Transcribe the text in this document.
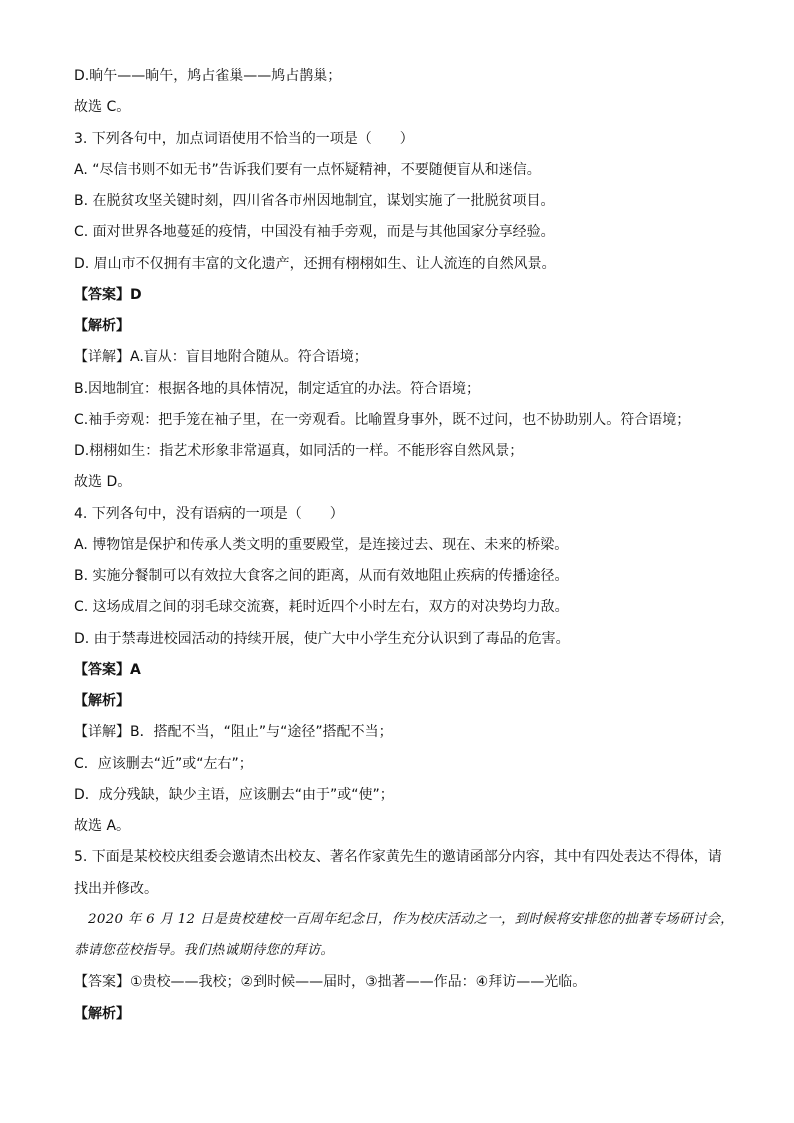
D.晌午——晌午，鸠占雀巢——鸠占鹊巢；
故选 C。
3. 下列各句中，加点词语使用不恰当的一项是（　　）
A. “尽信书则不如无书”告诉我们要有一点怀疑精神，不要随便盲从和迷信。
B. 在脱贫攻坚关键时刻，四川省各市州因地制宜，谋划实施了一批脱贫项目。
C. 面对世界各地蔓延的疫情，中国没有袖手旁观，而是与其他国家分享经验。
D. 眉山市不仅拥有丰富的文化遗产，还拥有栩栩如生、让人流连的自然风景。
【答案】D
【解析】
【详解】A.盲从：盲目地附合随从。符合语境；
B.因地制宜：根据各地的具体情况，制定适宜的办法。符合语境；
C.袖手旁观：把手笼在袖子里，在一旁观看。比喻置身事外，既不过问，也不协助别人。符合语境；
D.栩栩如生：指艺术形象非常逼真，如同活的一样。不能形容自然风景；
故选 D。
4. 下列各句中，没有语病的一项是（　　）
A. 博物馆是保护和传承人类文明的重要殿堂，是连接过去、现在、未来的桥梁。
B. 实施分餐制可以有效拉大食客之间的距离，从而有效地阻止疾病的传播途径。
C. 这场成眉之间的羽毛球交流赛，耗时近四个小时左右，双方的对决势均力敌。
D. 由于禁毒进校园活动的持续开展，使广大中小学生充分认识到了毒品的危害。
【答案】A
【解析】
【详解】B．搭配不当，“阻止”与“途径”搭配不当；
C．应该删去“近”或“左右”；
D．成分残缺，缺少主语，应该删去“由于”或“使”；
故选 A。
5. 下面是某校校庆组委会邀请杰出校友、著名作家黄先生的邀请函部分内容，其中有四处表达不得体，请
找出并修改。
2020 年 6 月 12 日是贵校建校一百周年纪念日，作为校庆活动之一，到时候将安排您的拙著专场研讨会，
恭请您莅校指导。我们热诚期待您的拜访。
【答案】①贵校——我校；②到时候——届时，③拙著——作品：④拜访——光临。
【解析】
